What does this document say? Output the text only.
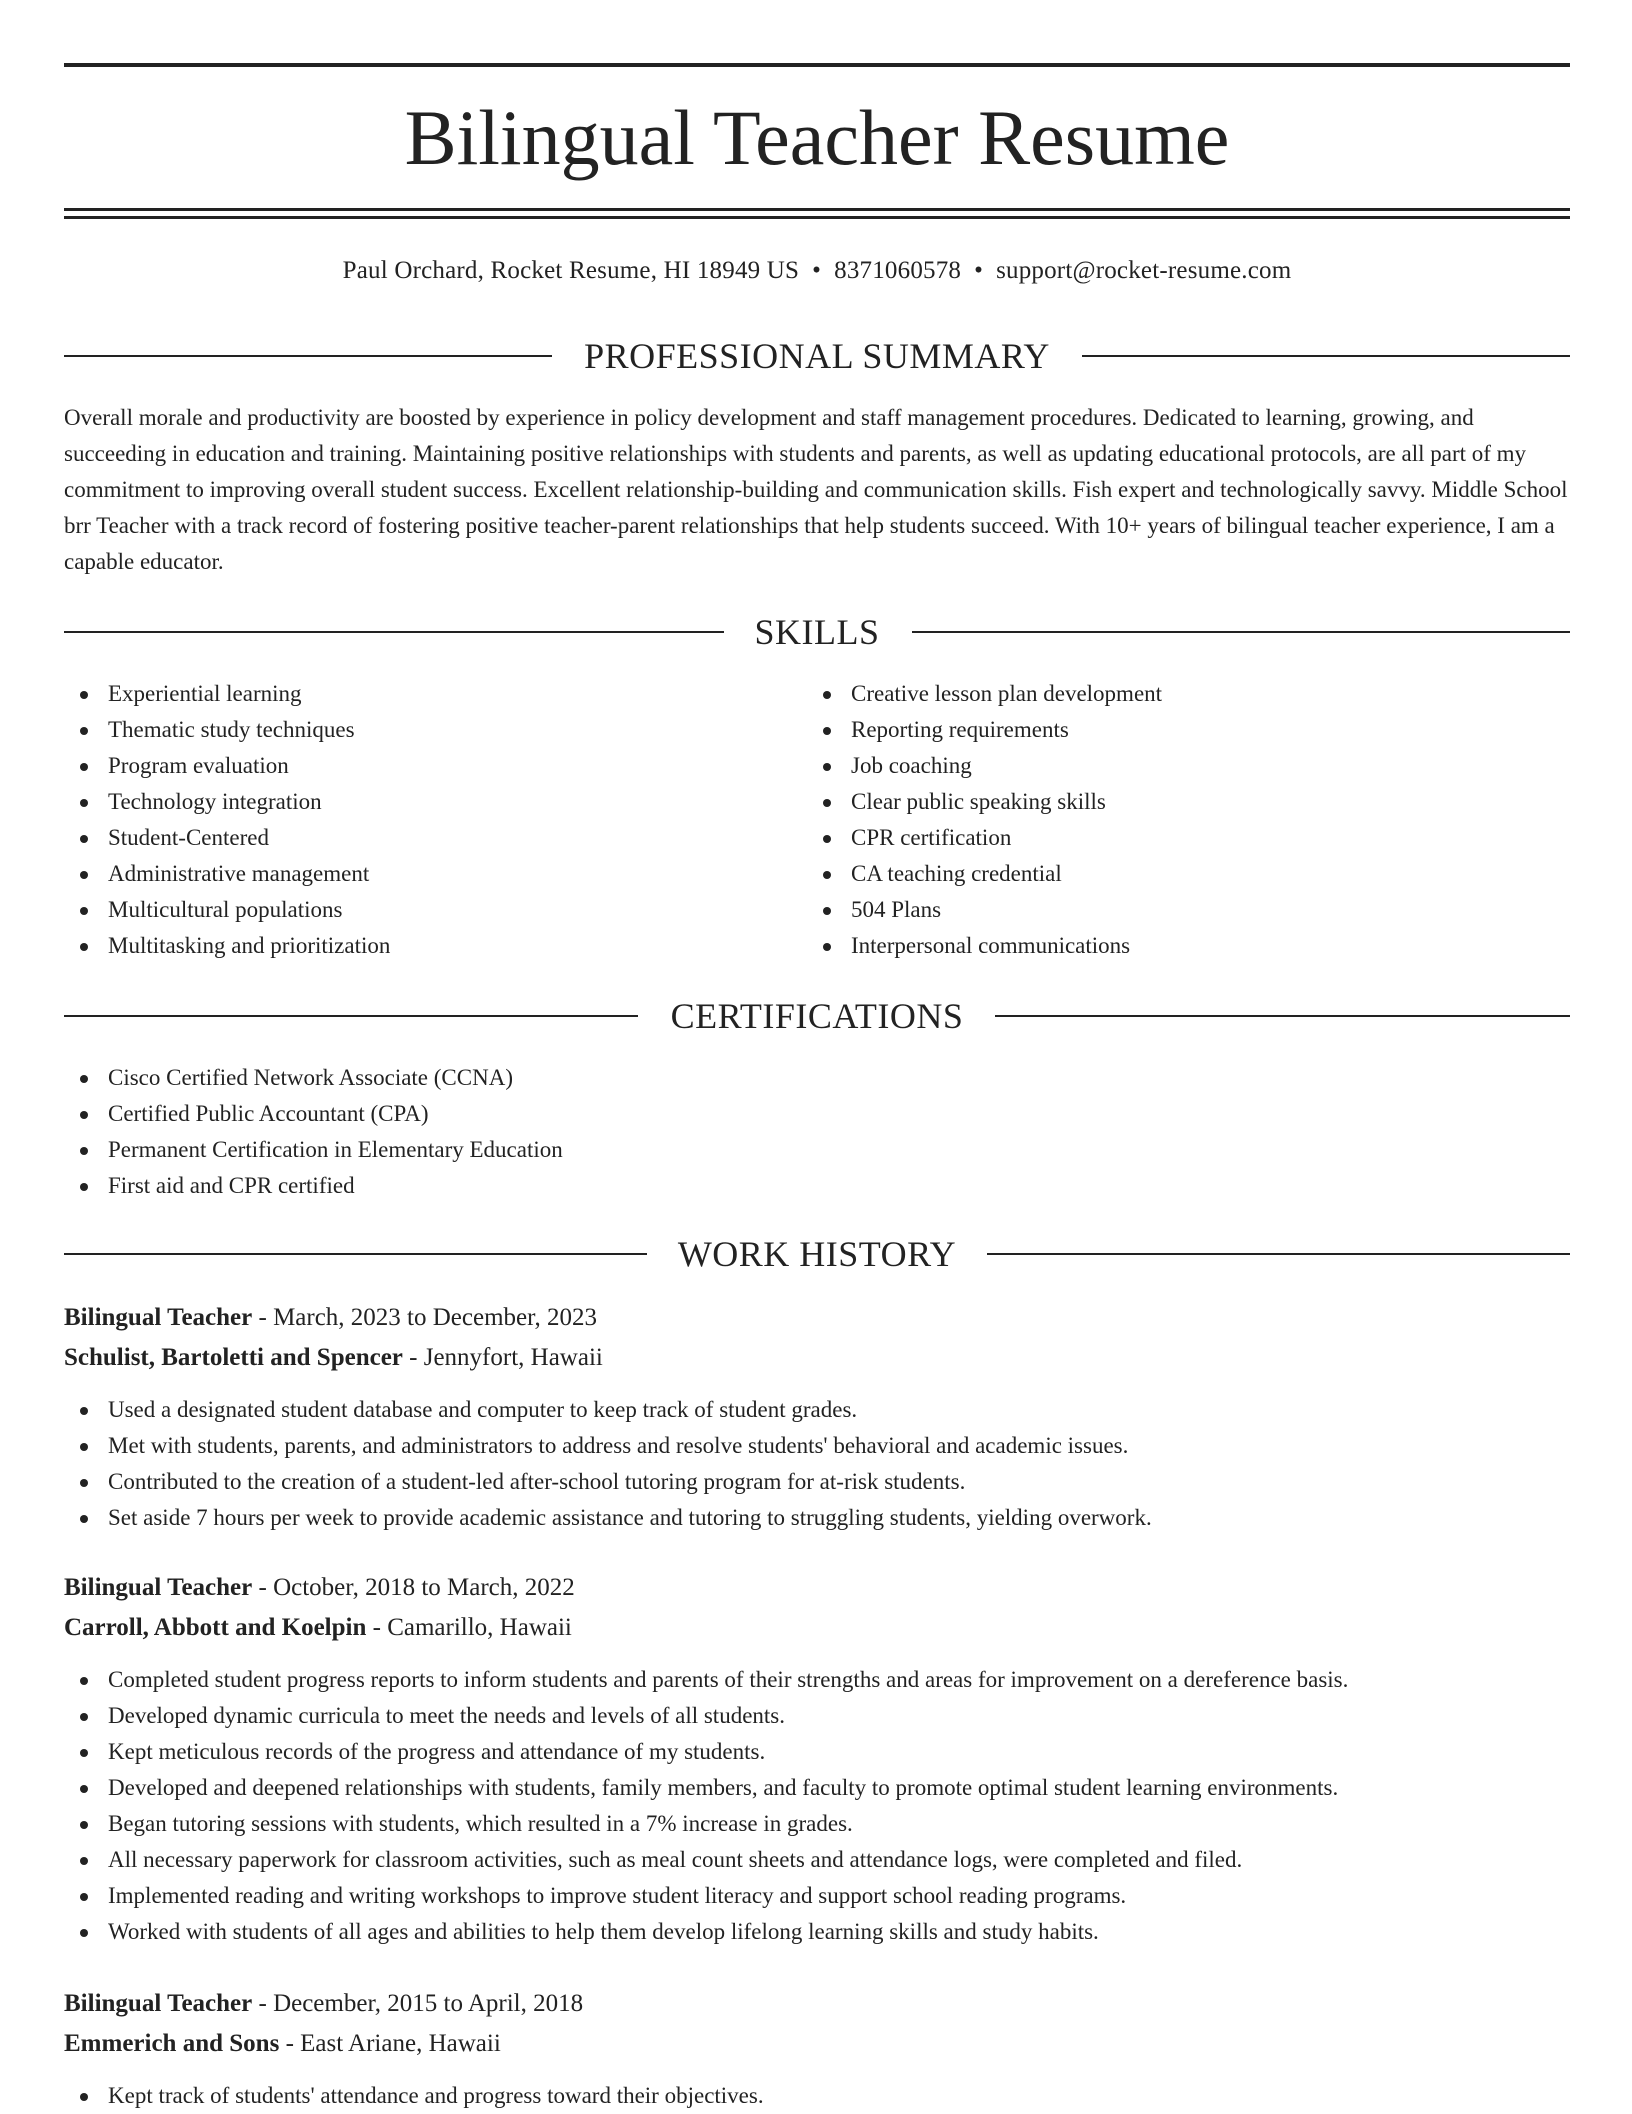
Bilingual Teacher Resume
Paul Orchard, Rocket Resume, HI 18949 US • 8371060578 • support@rocket-resume.com
PROFESSIONAL SUMMARY

Overall morale and productivity are boosted by experience in policy development and staff management procedures. Dedicated to learning, growing, and succeeding in education and training. Maintaining positive relationships with students and parents, as well as updating educational protocols, are all part of my commitment to improving overall student success. Excellent relationship-building and communication skills. Fish expert and technologically savvy. Middle School brr Teacher with a track record of fostering positive teacher-parent relationships that help students succeed. With 10+ years of bilingual teacher experience, I am a capable educator.

SKILLS
Experiential learning
Thematic study techniques
Program evaluation
Technology integration
Student-Centered
Administrative management
Multicultural populations
Multitasking and prioritization
Creative lesson plan development
Reporting requirements
Job coaching
Clear public speaking skills
CPR certification
CA teaching credential
504 Plans
Interpersonal communications
CERTIFICATIONS
Cisco Certified Network Associate (CCNA)
Certified Public Accountant (CPA)
Permanent Certification in Elementary Education
First aid and CPR certified
WORK HISTORY
Bilingual Teacher - March, 2023 to December, 2023
Schulist, Bartoletti and Spencer - Jennyfort, Hawaii
Used a designated student database and computer to keep track of student grades.
Met with students, parents, and administrators to address and resolve students' behavioral and academic issues.
Contributed to the creation of a student-led after-school tutoring program for at-risk students.
Set aside 7 hours per week to provide academic assistance and tutoring to struggling students, yielding overwork.
Bilingual Teacher - October, 2018 to March, 2022
Carroll, Abbott and Koelpin - Camarillo, Hawaii
Completed student progress reports to inform students and parents of their strengths and areas for improvement on a dereference basis.
Developed dynamic curricula to meet the needs and levels of all students.
Kept meticulous records of the progress and attendance of my students.
Developed and deepened relationships with students, family members, and faculty to promote optimal student learning environments.
Began tutoring sessions with students, which resulted in a 7% increase in grades.
All necessary paperwork for classroom activities, such as meal count sheets and attendance logs, were completed and filed.
Implemented reading and writing workshops to improve student literacy and support school reading programs.
Worked with students of all ages and abilities to help them develop lifelong learning skills and study habits.
Bilingual Teacher - December, 2015 to April, 2018
Emmerich and Sons - East Ariane, Hawaii
Kept track of students' attendance and progress toward their objectives.
